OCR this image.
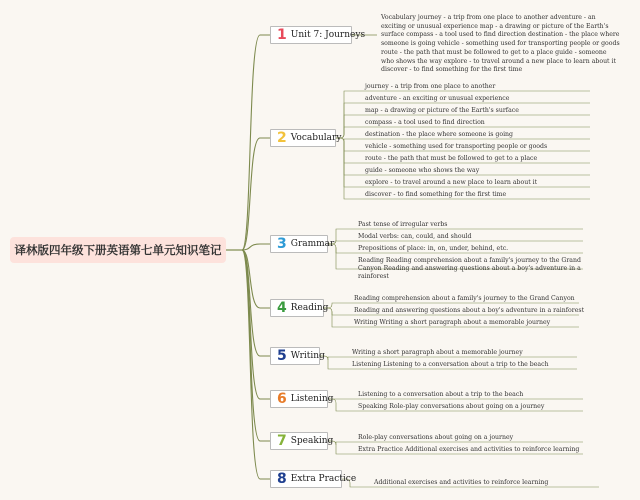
译林版四年级下册英语第七单元知识笔记
1 Unit 7: Journeys
Vocabulary journey - a trip from one place to another adventure - an exciting or unusual experience map - a drawing or picture of the Earth's surface compass - a tool used to find direction destination - the place where someone is going vehicle - something used for transporting people or goods route - the path that must be followed to get to a place guide - someone who shows the way explore - to travel around a new place to learn about it discover - to find something for the first time
2 Vocabulary
journey - a trip from one place to another
adventure - an exciting or unusual experience
map - a drawing or picture of the Earth's surface
compass - a tool used to find direction
destination - the place where someone is going
vehicle - something used for transporting people or goods
route - the path that must be followed to get to a place
guide - someone who shows the way
explore - to travel around a new place to learn about it
discover - to find something for the first time
3 Grammar
Past tense of irregular verbs
Modal verbs: can, could, and should
Prepositions of place: in, on, under, behind, etc.
Reading Reading comprehension about a family's journey to the Grand Canyon Reading and answering questions about a boy's adventure in a rainforest
4 Reading
Reading comprehension about a family's journey to the Grand Canyon
Reading and answering questions about a boy's adventure in a rainforest
Writing Writing a short paragraph about a memorable journey
5 Writing	Writing a short paragraph about a memorable journey
Listening Listening to a conversation about a trip to the beach
6 Listening	Listening to a conversation about a trip to the beach
Speaking Role-play conversations about going on a journey
7 Speaking	Role-play conversations about going on a journey
Extra Practice Additional exercises and activities to reinforce learning
8 Extra Practice	Additional exercises and activities to reinforce learning
